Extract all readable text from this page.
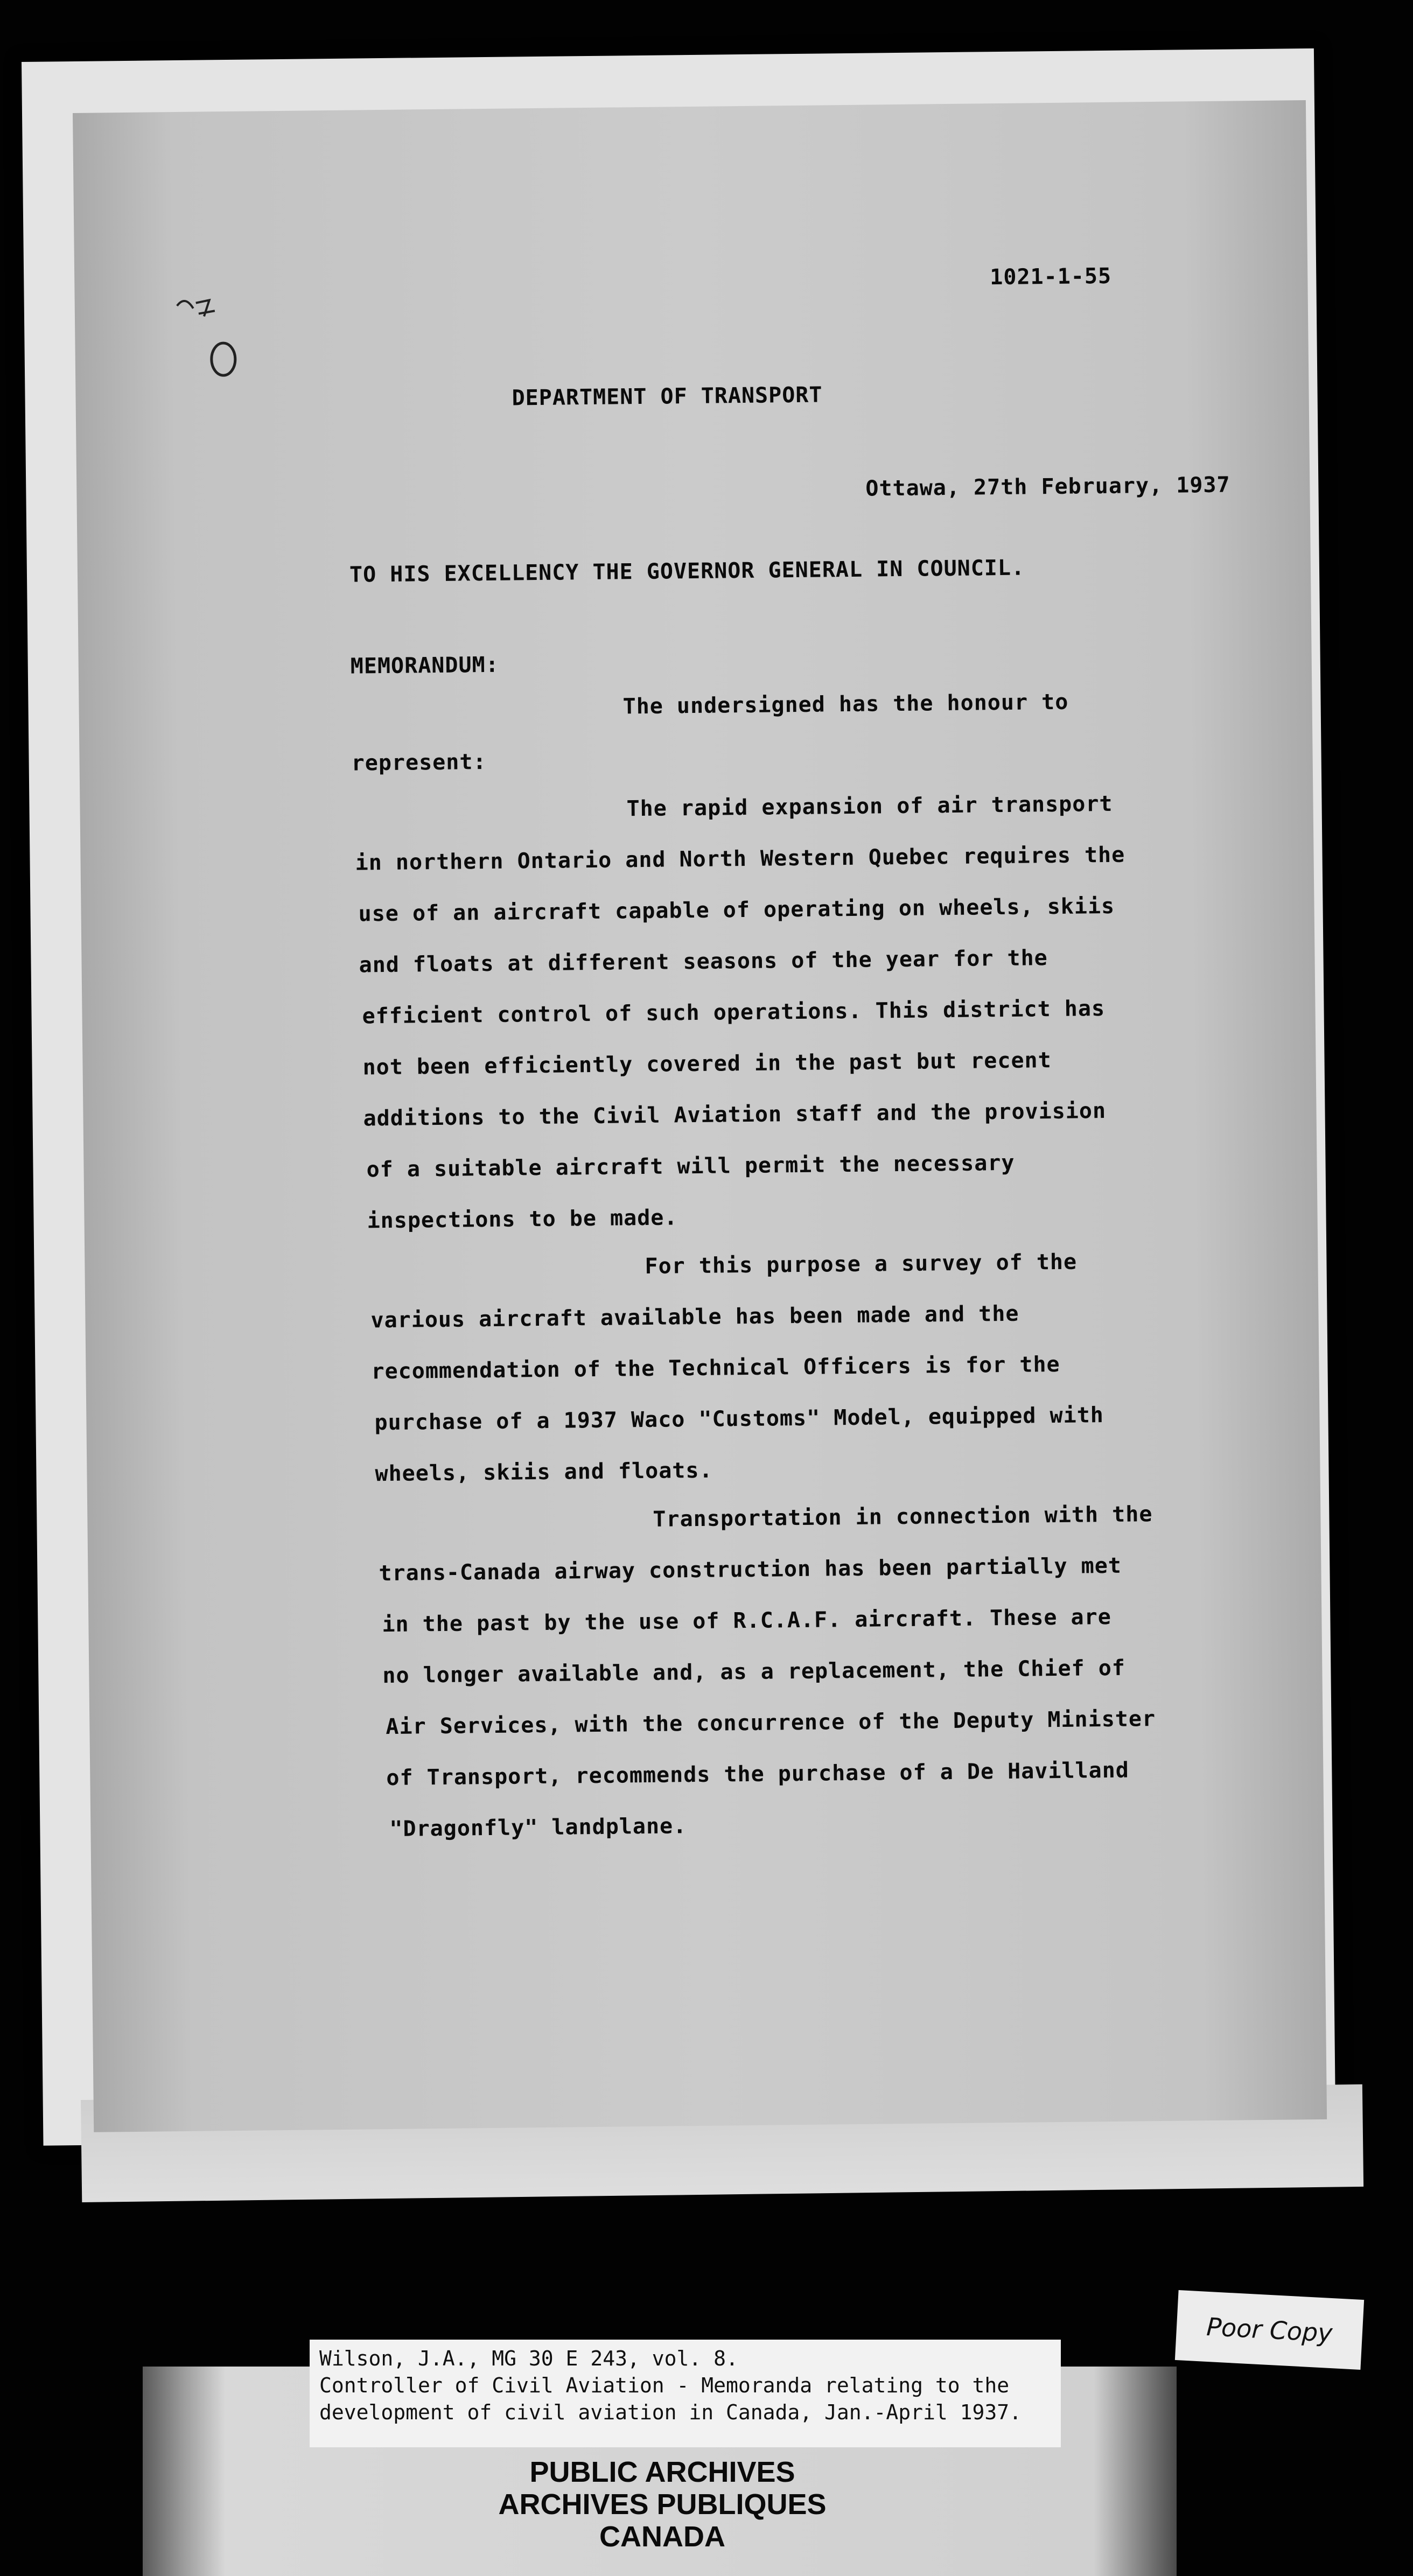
1021-1-55
DEPARTMENT OF TRANSPORT
Ottawa, 27th February, 1937
TO HIS EXCELLENCY THE GOVERNOR GENERAL IN COUNCIL.
MEMORANDUM:
The undersigned has the honour to
represent:
The rapid expansion of air transport
in northern Ontario and North Western Quebec requires the
use of an aircraft capable of operating on wheels, skiis
and floats at different seasons of the year for the
efficient control of such operations. This district has
not been efficiently covered in the past but recent
additions to the Civil Aviation staff and the provision
of a suitable aircraft will permit the necessary
inspections to be made.
For this purpose a survey of the
various aircraft available has been made and the
recommendation of the Technical Officers is for the
purchase of a 1937 Waco "Customs" Model, equipped with
wheels, skiis and floats.
Transportation in connection with the
trans-Canada airway construction has been partially met
in the past by the use of R.C.A.F. aircraft. These are
no longer available and, as a replacement, the Chief of
Air Services, with the concurrence of the Deputy Minister
of Transport, recommends the purchase of a De Havilland
"Dragonfly" landplane.
Wilson, J.A., MG 30 E 243, vol. 8.
Controller of Civil Aviation - Memoranda relating to the
development of civil aviation in Canada, Jan.-April 1937.
PUBLIC ARCHIVES
ARCHIVES PUBLIQUES
CANADA
Poor Copy
